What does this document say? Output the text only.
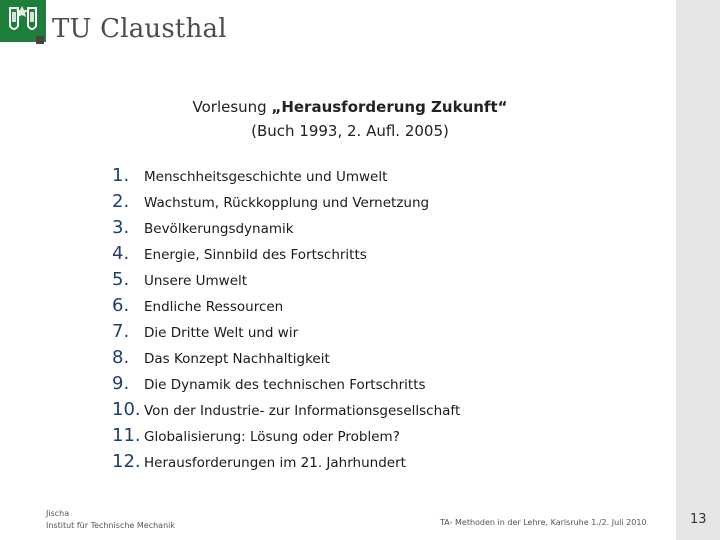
TU Clausthal
Vorlesung „Herausforderung Zukunft“
(Buch 1993, 2. Aufl. 2005)
1.	Menschheitsgeschichte und Umwelt
2.	Wachstum, Rückkopplung und Vernetzung
3.	Bevölkerungsdynamik
4.	Energie, Sinnbild des Fortschritts
5.	Unsere Umwelt
6.	Endliche Ressourcen
7.	Die Dritte Welt und wir
8.	Das Konzept Nachhaltigkeit
9.	Die Dynamik des technischen Fortschritts
10. Von der Industrie- zur Informationsgesellschaft
11. Globalisierung: Lösung oder Problem?
12. Herausforderungen im 21. Jahrhundert
Jischa
Institut für Technische Mechanik	TA- Methoden in der Lehre, Karlsruhe 1./2. Juli 2010	13
